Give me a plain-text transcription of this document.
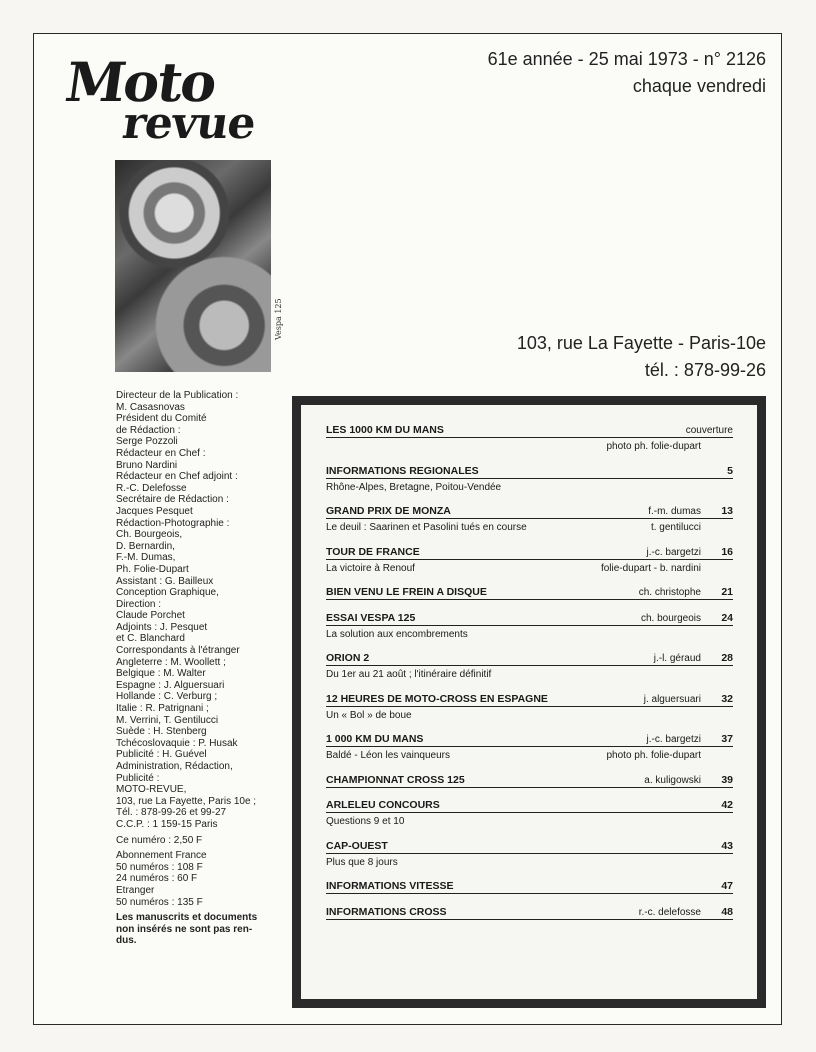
Moto
revue
61e année - 25 mai 1973 - n° 2126
chaque vendredi
Vespa 125
103, rue La Fayette - Paris-10e
tél. : 878-99-26

Directeur de la Publication :
M. Casasnovas
Président du Comité
de Rédaction :
Serge Pozzoli
Rédacteur en Chef :
Bruno Nardini
Rédacteur en Chef adjoint :
R.-C. Delefosse
Secrétaire de Rédaction :
Jacques Pesquet
Rédaction-Photographie :
Ch. Bourgeois,
D. Bernardin,
F.-M. Dumas,
Ph. Folie-Dupart
Assistant : G. Bailleux
Conception Graphique,
Direction :
Claude Porchet
Adjoints : J. Pesquet
et C. Blanchard
Correspondants à l'étranger
Angleterre : M. Woollett ;
Belgique : M. Walter
Espagne : J. Alguersuari
Hollande : C. Verburg ;
Italie : R. Patrignani ;
M. Verrini, T. Gentilucci
Suède : H. Stenberg
Tchécoslovaquie : P. Husak
Publicité : H. Guével
Administration, Rédaction,
Publicité :
MOTO-REVUE,
103, rue La Fayette, Paris 10e ;
Tél. : 878-99-26 et 99-27
C.C.P. : 1 159-15 Paris

Ce numéro : 2,50 F

Abonnement France
50 numéros : 108 F
24 numéros : 60 F
Etranger
50 numéros : 135 F

Les manuscrits et documents
non insérés ne sont pas ren-
dus.

LES 1000 KM DU MANS	couverture
photo ph. folie-dupart
INFORMATIONS REGIONALES	5
Rhône-Alpes, Bretagne, Poitou-Vendée
GRAND PRIX DE MONZA	f.-m. dumas 13
Le deuil : Saarinen et Pasolini tués en course	t. gentilucci
TOUR DE FRANCE	j.-c. bargetzi 16
La victoire à Renouf	folie-dupart - b. nardini
BIEN VENU LE FREIN A DISQUE	ch. christophe 21
ESSAI VESPA 125	ch. bourgeois 24
La solution aux encombrements
ORION 2	j.-l. géraud 28
Du 1er au 21 août ; l'itinéraire définitif
12 HEURES DE MOTO-CROSS EN ESPAGNE	j. alguersuari 32
Un « Bol » de boue
1 000 KM DU MANS	j.-c. bargetzi 37
Baldé - Léon les vainqueurs	photo ph. folie-dupart
CHAMPIONNAT CROSS 125	a. kuligowski 39
ARLELEU CONCOURS	42
Questions 9 et 10
CAP-OUEST	43
Plus que 8 jours
INFORMATIONS VITESSE	47
INFORMATIONS CROSS	r.-c. delefosse 48
